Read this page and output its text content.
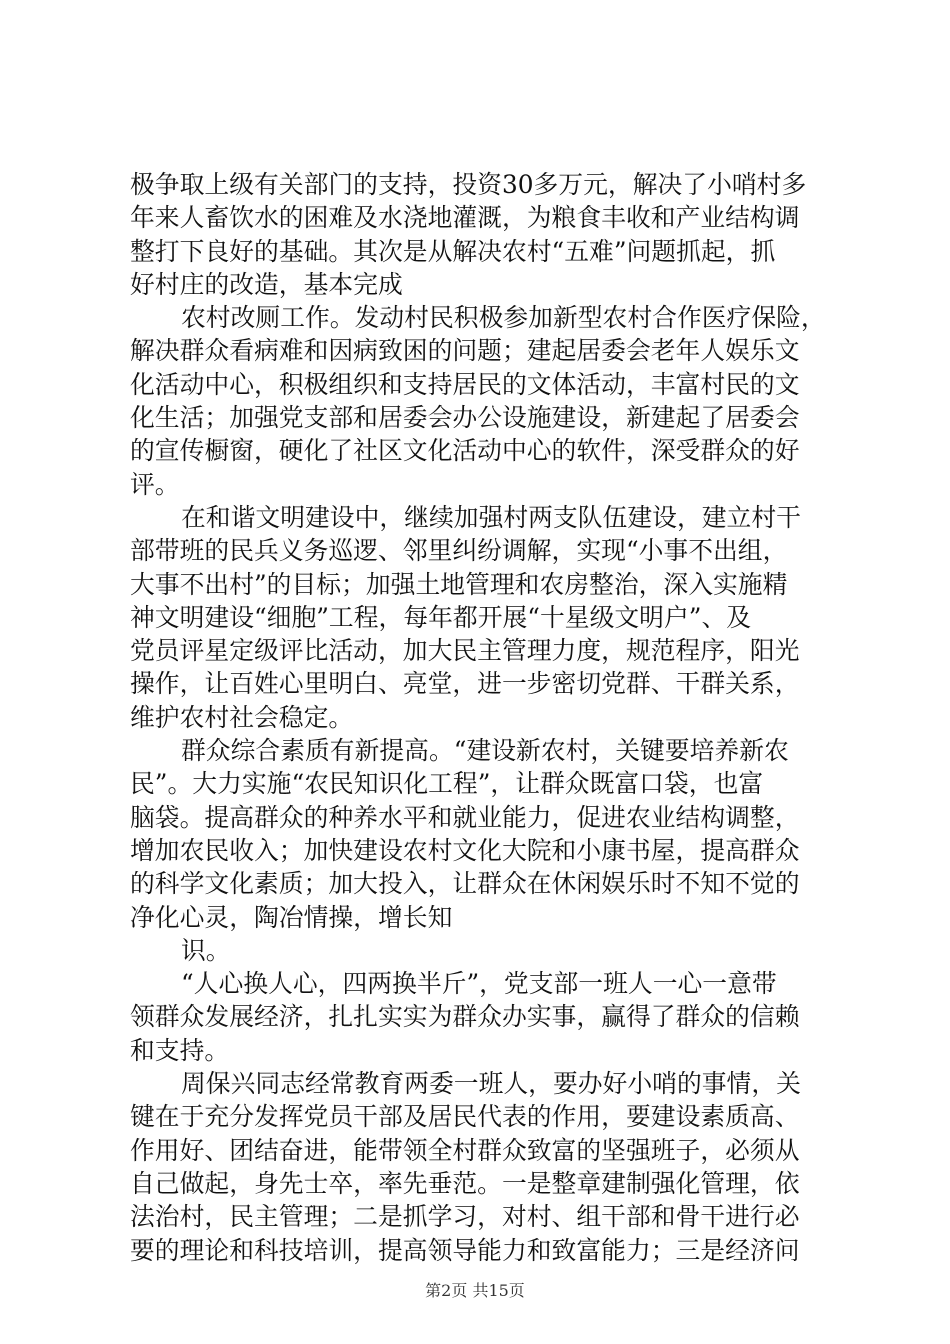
极争取上级有关部门的支持，投资30多万元，解决了小哨村多
年来人畜饮水的困难及水浇地灌溉，为粮食丰收和产业结构调
整打下良好的基础。其次是从解决农村“五难”问题抓起，抓
好村庄的改造，基本完成
农村改厕工作。发动村民积极参加新型农村合作医疗保险，
解决群众看病难和因病致困的问题；建起居委会老年人娱乐文
化活动中心，积极组织和支持居民的文体活动，丰富村民的文
化生活；加强党支部和居委会办公设施建设，新建起了居委会
的宣传橱窗，硬化了社区文化活动中心的软件，深受群众的好
评。
在和谐文明建设中，继续加强村两支队伍建设，建立村干
部带班的民兵义务巡逻、邻里纠纷调解，实现“小事不出组，
大事不出村”的目标；加强土地管理和农房整治，深入实施精
神文明建设“细胞”工程，每年都开展“十星级文明户”、及
党员评星定级评比活动，加大民主管理力度，规范程序，阳光
操作，让百姓心里明白、亮堂，进一步密切党群、干群关系，
维护农村社会稳定。
群众综合素质有新提高。“建设新农村，关键要培养新农
民”。大力实施“农民知识化工程”，让群众既富口袋，也富
脑袋。提高群众的种养水平和就业能力，促进农业结构调整，
增加农民收入；加快建设农村文化大院和小康书屋，提高群众
的科学文化素质；加大投入，让群众在休闲娱乐时不知不觉的
净化心灵，陶冶情操，增长知
识。
“人心换人心，四两换半斤”，党支部一班人一心一意带
领群众发展经济，扎扎实实为群众办实事，赢得了群众的信赖
和支持。
周保兴同志经常教育两委一班人，要办好小哨的事情，关
键在于充分发挥党员干部及居民代表的作用，要建设素质高、
作用好、团结奋进，能带领全村群众致富的坚强班子，必须从
自己做起，身先士卒，率先垂范。一是整章建制强化管理，依
法治村，民主管理；二是抓学习，对村、组干部和骨干进行必
要的理论和科技培训，提高领导能力和致富能力；三是经济问
第2页 共15页
